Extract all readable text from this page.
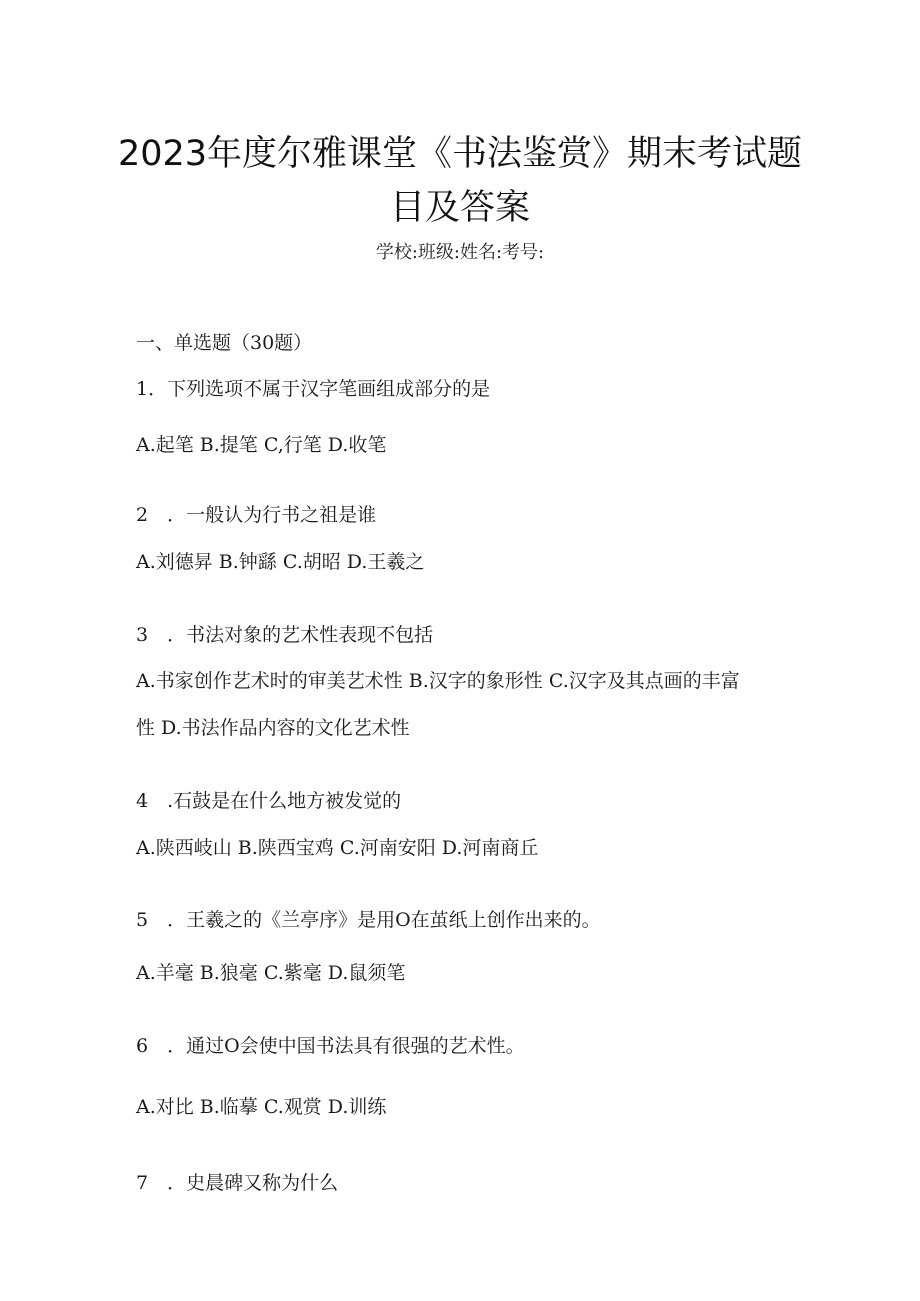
2023年度尔雅课堂《书法鉴赏》期末考试题
目及答案
学校:班级:姓名:考号:
一、单选题（30题）
1．下列选项不属于汉字笔画组成部分的是
A.起笔 B.提笔 C,行笔 D.收笔
2　．一般认为行书之祖是谁
A.刘德昇 B.钟繇 C.胡昭 D.王羲之
3　．书法对象的艺术性表现不包括
A.书家创作艺术时的审美艺术性 B.汉字的象形性 C.汉字及其点画的丰富
性 D.书法作品内容的文化艺术性
4　.石鼓是在什么地方被发觉的
A.陕西岐山 B.陕西宝鸡 C.河南安阳 D.河南商丘
5　．王羲之的《兰亭序》是用O在茧纸上创作出来的。
A.羊毫 B.狼毫 C.紫毫 D.鼠须笔
6　．通过O会使中国书法具有很强的艺术性。
A.对比 B.临摹 C.观赏 D.训练
7　．史晨碑又称为什么
